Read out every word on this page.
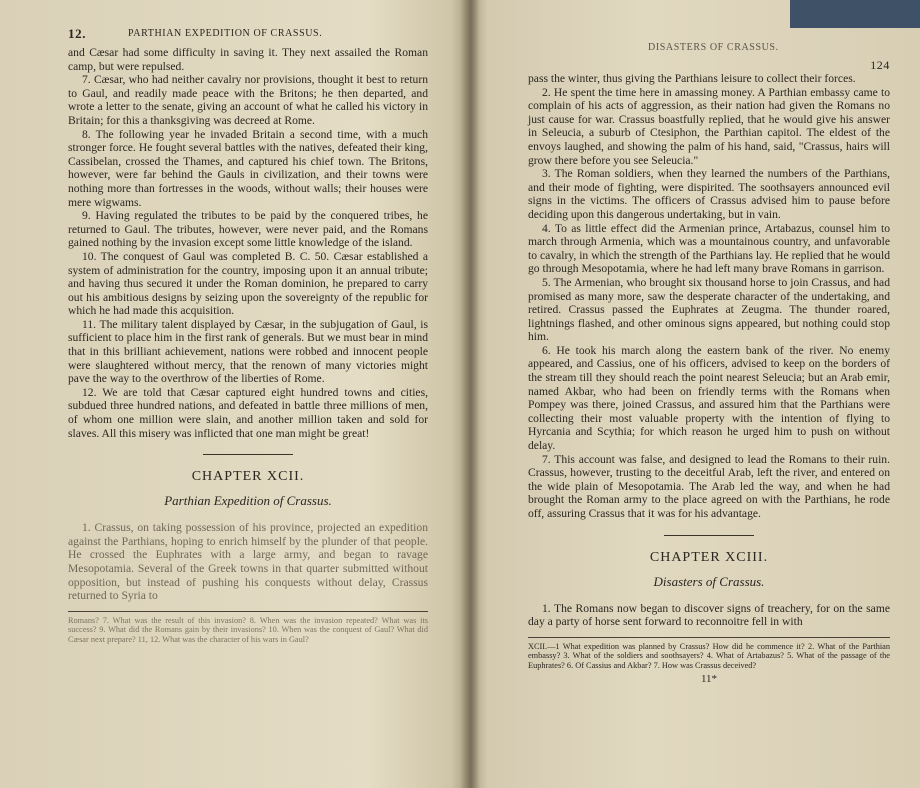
12.	PARTHIAN EXPEDITION OF CRASSUS.

and Cæsar had some difficulty in saving it. They next assailed the Roman camp, but were repulsed.

7. Cæsar, who had neither cavalry nor provisions, thought it best to return to Gaul, and readily made peace with the Britons; he then departed, and wrote a letter to the senate, giving an account of what he called his victory in Britain; for this a thanksgiving was decreed at Rome.

8. The following year he invaded Britain a second time, with a much stronger force. He fought several battles with the natives, defeated their king, Cassibelan, crossed the Thames, and captured his chief town. The Britons, however, were far behind the Gauls in civilization, and their towns were nothing more than fortresses in the woods, without walls; their houses were mere wigwams.

9. Having regulated the tributes to be paid by the conquered tribes, he returned to Gaul. The tributes, however, were never paid, and the Romans gained nothing by the invasion except some little knowledge of the island.

10. The conquest of Gaul was completed B. C. 50. Cæsar established a system of administration for the country, imposing upon it an annual tribute; and having thus secured it under the Roman dominion, he prepared to carry out his ambitious designs by seizing upon the sovereignty of the republic for which he had made this acquisition.

11. The military talent displayed by Cæsar, in the subjugation of Gaul, is sufficient to place him in the first rank of generals. But we must bear in mind that in this brilliant achievement, nations were robbed and innocent people were slaughtered without mercy, that the renown of many victories might pave the way to the overthrow of the liberties of Rome.

12. We are told that Cæsar captured eight hundred towns and cities, subdued three hundred nations, and defeated in battle three millions of men, of whom one million were slain, and another million taken and sold for slaves. All this misery was inflicted that one man might be great!

CHAPTER XCII.
Parthian Expedition of Crassus.

1. Crassus, on taking possession of his province, projected an expedition against the Parthians, hoping to enrich himself by the plunder of that people. He crossed the Euphrates with a large army, and began to ravage Mesopotamia. Several of the Greek towns in that quarter submitted without opposition, but instead of pushing his conquests without delay, Crassus returned to Syria to

Romans? 7. What was the result of this invasion? 8. When was the invasion repeated? What was its success? 9. What did the Romans gain by their invasions? 10. When was the conquest of Gaul? What did Cæsar next prepare? 11, 12. What was the character of his wars in Gaul?
DISASTERS OF CRASSUS.
124

pass the winter, thus giving the Parthians leisure to collect their forces.

2. He spent the time here in amassing money. A Parthian embassy came to complain of his acts of aggression, as their nation had given the Romans no just cause for war. Crassus boastfully replied, that he would give his answer in Seleucia, a suburb of Ctesiphon, the Parthian capitol. The eldest of the envoys laughed, and showing the palm of his hand, said, "Crassus, hairs will grow there before you see Seleucia."

3. The Roman soldiers, when they learned the numbers of the Parthians, and their mode of fighting, were dispirited. The soothsayers announced evil signs in the victims. The officers of Crassus advised him to pause before deciding upon this dangerous undertaking, but in vain.

4. To as little effect did the Armenian prince, Artabazus, counsel him to march through Armenia, which was a mountainous country, and unfavorable to cavalry, in which the strength of the Parthians lay. He replied that he would go through Mesopotamia, where he had left many brave Romans in garrison.

5. The Armenian, who brought six thousand horse to join Crassus, and had promised as many more, saw the desperate character of the undertaking, and retired. Crassus passed the Euphrates at Zeugma. The thunder roared, lightnings flashed, and other ominous signs appeared, but nothing could stop him.

6. He took his march along the eastern bank of the river. No enemy appeared, and Cassius, one of his officers, advised to keep on the borders of the stream till they should reach the point nearest Seleucia; but an Arab emir, named Akbar, who had been on friendly terms with the Romans when Pompey was there, joined Crassus, and assured him that the Parthians were collecting their most valuable property with the intention of flying to Hyrcania and Scythia; for which reason he urged him to push on without delay.

7. This account was false, and designed to lead the Romans to their ruin. Crassus, however, trusting to the deceitful Arab, left the river, and entered on the wide plain of Mesopotamia. The Arab led the way, and when he had brought the Roman army to the place agreed on with the Parthians, he rode off, assuring Crassus that it was for his advantage.

CHAPTER XCIII.
Disasters of Crassus.

1. The Romans now began to discover signs of treachery, for on the same day a party of horse sent forward to reconnoitre fell in with

XCII.—1 What expedition was planned by Crassus? How did he commence it? 2. What of the Parthian embassy? 3. What of the soldiers and soothsayers? 4. What of Artabazus? 5. What of the passage of the Euphrates? 6. Of Cassius and Akbar? 7. How was Crassus deceived?
11*
